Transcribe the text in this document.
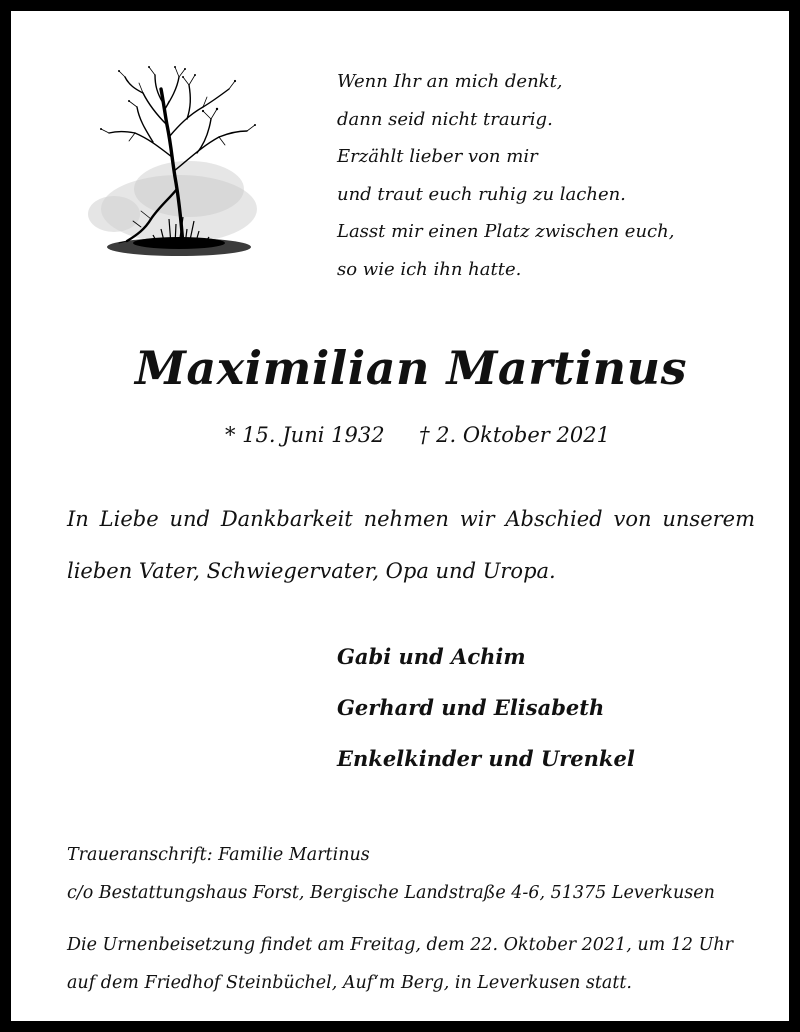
Wenn Ihr an mich denkt,
dann seid nicht traurig.
Erzählt lieber von mir
und traut euch ruhig zu lachen.
Lasst mir einen Platz zwischen euch,
so wie ich ihn hatte.
Maximilian Martinus
* 15. Juni 1932 † 2. Oktober 2021
In Liebe und Dankbarkeit nehmen wir Abschied von unserem
lieben Vater, Schwiegervater, Opa und Uropa.
Gabi und Achim
Gerhard und Elisabeth
Enkelkinder und Urenkel
Traueranschrift: Familie Martinus
c/o Bestattungshaus Forst, Bergische Landstraße 4-6, 51375 Leverkusen
Die Urnenbeisetzung findet am Freitag, dem 22. Oktober 2021, um 12 Uhr
auf dem Friedhof Steinbüchel, Auf‘m Berg, in Leverkusen statt.
